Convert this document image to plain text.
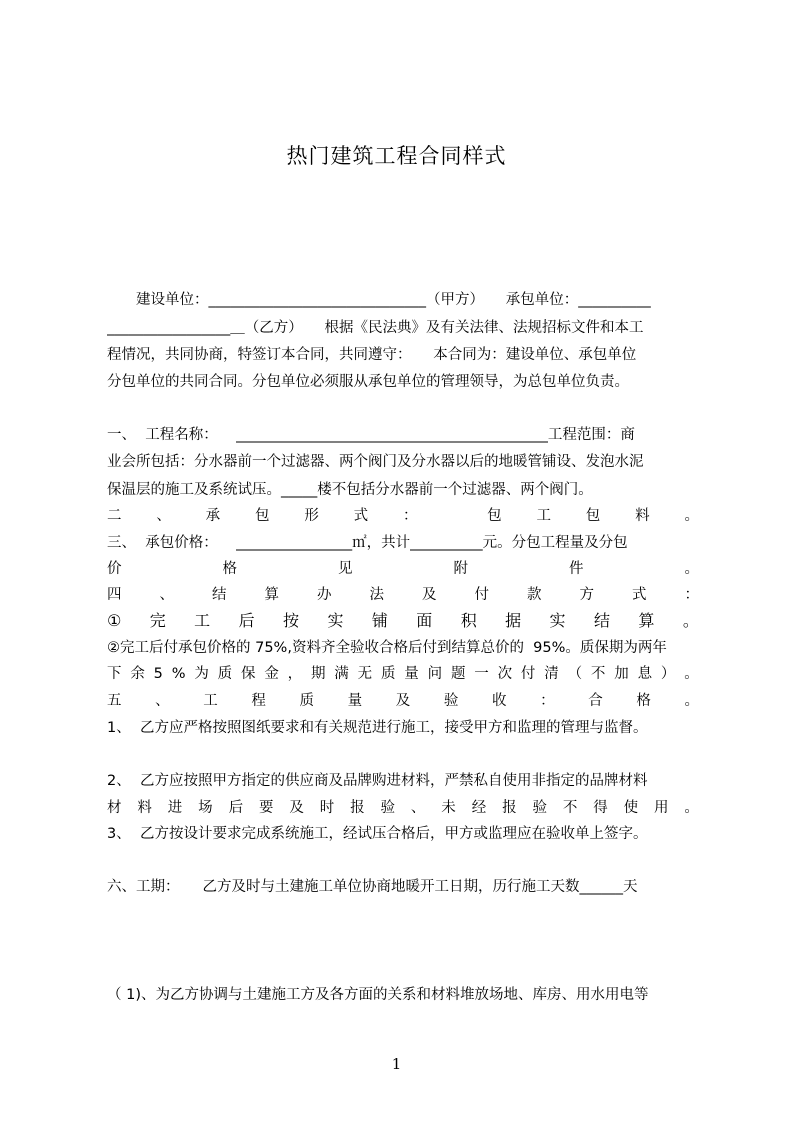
热门建筑工程合同样式
　　建设单位：______________________________（甲方）　　承包单位：__________
_________________＿（乙方）　　根据《民法典》及有关法律、法规招标文件和本工
程情况，共同协商，特签订本合同，共同遵守：　　本合同为：建设单位、承包单位
分包单位的共同合同。分包单位必须服从承包单位的管理领导，为总包单位负责。
一、  工程名称：    ___________________________________________工程范围：商
业会所包括：分水器前一个过滤器、两个阀门及分水器以后的地暖管铺设、发泡水泥
保温层的施工及系统试压。_____楼不包括分水器前一个过滤器、两个阀门。
二 、 承 包 形 式 ：	包 工 包 料 。
三、  承包价格：    ________________㎡，共计__________元。分包工程量及分包
价	格	见	附	件	。
四	、	结	算	办	法	及	付	款	方	式	：
① 完 工 后 按 实 铺 面 积 据 实 结 算 。
②完工后付承包价格的 75%,资料齐全验收合格后付到结算总价的  95%。质保期为两年
下 余 5 % 为 质 保 金 ， 期 满 无 质 量 问 题 一 次 付 清 （ 不 加 息 ） 。
五 、 工 程 质 量 及 验 收 ： 合 格 。
1、  乙方应严格按照图纸要求和有关规范进行施工，接受甲方和监理的管理与监督。
2、  乙方应按照甲方指定的供应商及品牌购进材料，严禁私自使用非指定的品牌材料
材 料 进 场 后 要 及 时 报 验 、 未 经 报 验 不 得 使 用 。
3、  乙方按设计要求完成系统施工，经试压合格后，甲方或监理应在验收单上签字。
六、工期：     乙方及时与土建施工单位协商地暖开工日期，历行施工天数______天

（ 1)、为乙方协调与土建施工方及各方面的关系和材料堆放场地、库房、用水用电等
1
